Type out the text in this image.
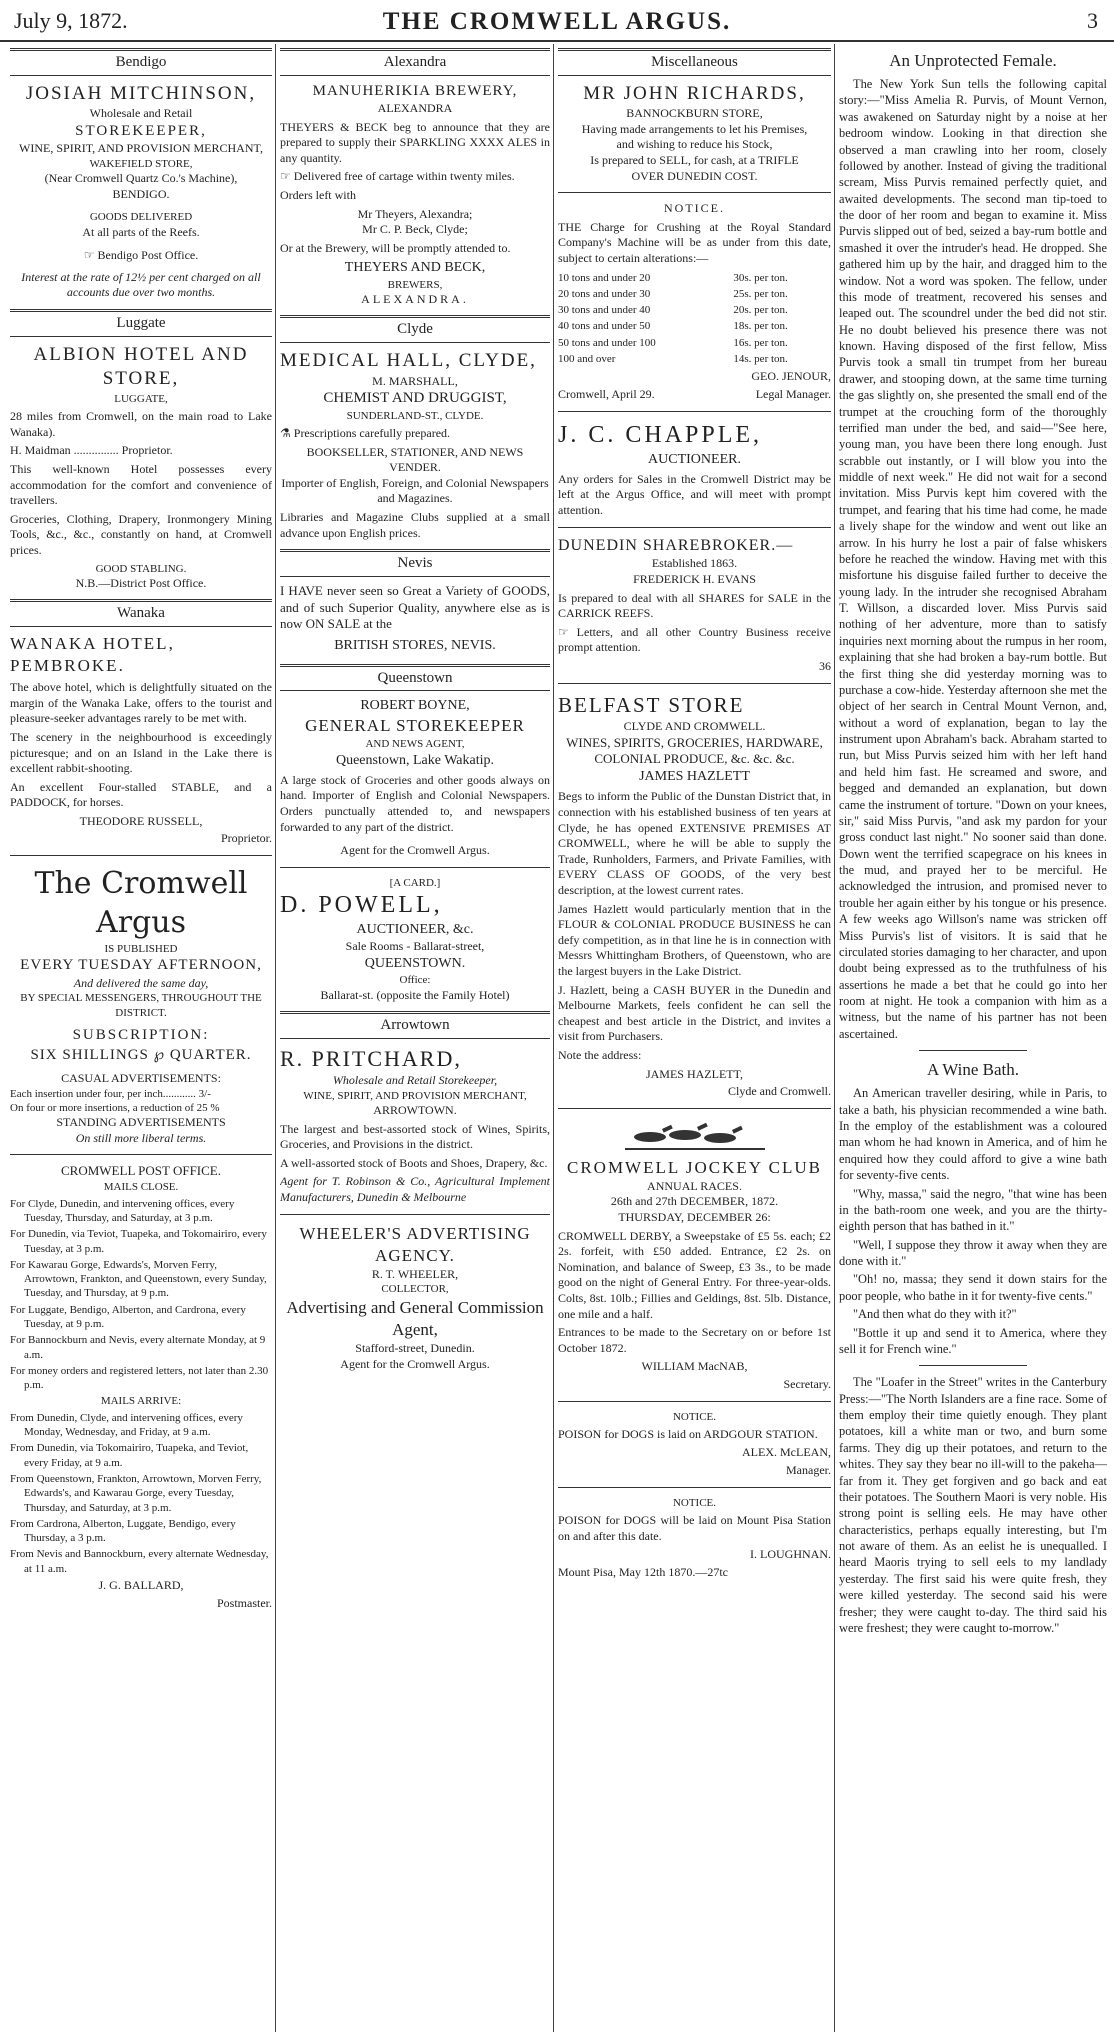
July 9, 1872.	THE CROMWELL ARGUS.	3
Bendigo
JOSIAH MITCHINSON,
Wholesale and Retail
STOREKEEPER,
WINE, SPIRIT, AND PROVISION MERCHANT,
WAKEFIELD STORE,
(Near Cromwell Quartz Co.'s Machine),
BENDIGO.
GOODS DELIVERED
At all parts of the Reefs.
☞ Bendigo Post Office.
Interest at the rate of 12½ per cent charged on all accounts due over two months.
Luggate
ALBION HOTEL AND STORE,
LUGGATE,
28 miles from Cromwell, on the main road to Lake Wanaka).
H. Maidman ............... Proprietor.
This well-known Hotel possesses every accommodation for the comfort and convenience of travellers.
Groceries, Clothing, Drapery, Ironmongery Mining Tools, &c., &c., constantly on hand, at Cromwell prices.
GOOD STABLING.
N.B.—District Post Office.
Wanaka
WANAKA HOTEL, PEMBROKE.
The above hotel, which is delightfully situated on the margin of the Wanaka Lake, offers to the tourist and pleasure-seeker advantages rarely to be met with.
The scenery in the neighbourhood is exceedingly picturesque; and on an Island in the Lake there is excellent rabbit-shooting.
An excellent Four-stalled STABLE, and a PADDOCK, for horses.
THEODORE RUSSELL,
Proprietor.
The Cromwell Argus
IS PUBLISHED
EVERY TUESDAY AFTERNOON,
And delivered the same day,
BY SPECIAL MESSENGERS, THROUGHOUT THE DISTRICT.
SUBSCRIPTION:
SIX SHILLINGS ℘ QUARTER.
CASUAL ADVERTISEMENTS:
Each insertion under four, per inch............ 3/-
On four or more insertions, a reduction of 25 %
STANDING ADVERTISEMENTS
On still more liberal terms.
CROMWELL POST OFFICE.
MAILS CLOSE.
For Clyde, Dunedin, and intervening offices, every Tuesday, Thursday, and Saturday, at 3 p.m.
For Dunedin, via Teviot, Tuapeka, and Tokomairiro, every Tuesday, at 3 p.m.
For Kawarau Gorge, Edwards's, Morven Ferry, Arrowtown, Frankton, and Queenstown, every Sunday, Tuesday, and Thursday, at 9 p.m.
For Luggate, Bendigo, Alberton, and Cardrona, every Tuesday, at 9 p.m.
For Bannockburn and Nevis, every alternate Monday, at 9 a.m.
For money orders and registered letters, not later than 2.30 p.m.
MAILS ARRIVE:
From Dunedin, Clyde, and intervening offices, every Monday, Wednesday, and Friday, at 9 a.m.
From Dunedin, via Tokomairiro, Tuapeka, and Teviot, every Friday, at 9 a.m.
From Queenstown, Frankton, Arrowtown, Morven Ferry, Edwards's, and Kawarau Gorge, every Tuesday, Thursday, and Saturday, at 3 p.m.
From Cardrona, Alberton, Luggate, Bendigo, every Thursday, a 3 p.m.
From Nevis and Bannockburn, every alternate Wednesday, at 11 a.m.
J. G. BALLARD,
Postmaster.
Alexandra
MANUHERIKIA BREWERY,
ALEXANDRA
THEYERS & BECK beg to announce that they are prepared to supply their SPARKLING XXXX ALES in any quantity.
☞ Delivered free of cartage within twenty miles.
Orders left with
Mr Theyers, Alexandra;
Mr C. P. Beck, Clyde;
Or at the Brewery, will be promptly attended to.
THEYERS AND BECK,
BREWERS,
ALEXANDRA.
Clyde
MEDICAL HALL, CLYDE,
M. MARSHALL,
CHEMIST AND DRUGGIST,
SUNDERLAND-ST., CLYDE.
⚗ Prescriptions carefully prepared.
BOOKSELLER, STATIONER, AND NEWS VENDER.
Importer of English, Foreign, and Colonial Newspapers and Magazines.
Libraries and Magazine Clubs supplied at a small advance upon English prices.
Nevis
I HAVE never seen so Great a Variety of GOODS, and of such Superior Quality, anywhere else as is now ON SALE at the
BRITISH STORES, NEVIS.
Queenstown
ROBERT BOYNE,
GENERAL STOREKEEPER
AND NEWS AGENT,
Queenstown, Lake Wakatip.
A large stock of Groceries and other goods always on hand. Importer of English and Colonial Newspapers. Orders punctually attended to, and newspapers forwarded to any part of the district.
Agent for the Cromwell Argus.
[A CARD.]
D. POWELL,
AUCTIONEER, &c.
Sale Rooms - Ballarat-street,
QUEENSTOWN.
Office:
Ballarat-st. (opposite the Family Hotel)
Arrowtown
R. PRITCHARD,
Wholesale and Retail Storekeeper,
WINE, SPIRIT, AND PROVISION MERCHANT,
ARROWTOWN.
The largest and best-assorted stock of Wines, Spirits, Groceries, and Provisions in the district.
A well-assorted stock of Boots and Shoes, Drapery, &c.
Agent for T. Robinson & Co., Agricultural Implement Manufacturers, Dunedin & Melbourne
WHEELER'S ADVERTISING AGENCY.
R. T. WHEELER,
COLLECTOR,
Advertising and General Commission Agent,
Stafford-street, Dunedin.
Agent for the Cromwell Argus.
Miscellaneous
MR JOHN RICHARDS,
BANNOCKBURN STORE,
Having made arrangements to let his Premises,
and wishing to reduce his Stock,
Is prepared to SELL, for cash, at a TRIFLE
OVER DUNEDIN COST.
NOTICE.
THE Charge for Crushing at the Royal Standard Company's Machine will be as under from this date, subject to certain alterations:—
10 tons and under 20	30s. per ton.
20 tons and under 30	25s. per ton.
30 tons and under 40	20s. per ton.
40 tons and under 50	18s. per ton.
50 tons and under 100	16s. per ton.
100 and over	14s. per ton.
GEO. JENOUR,
Cromwell, April 29.	Legal Manager.
J. C. CHAPPLE,
AUCTIONEER.
Any orders for Sales in the Cromwell District may be left at the Argus Office, and will meet with prompt attention.
DUNEDIN SHAREBROKER.—
Established 1863.
FREDERICK H. EVANS
Is prepared to deal with all SHARES for SALE in the CARRICK REEFS.
☞ Letters, and all other Country Business receive prompt attention.
36
BELFAST STORE
CLYDE AND CROMWELL.
WINES, SPIRITS, GROCERIES, HARDWARE, COLONIAL PRODUCE, &c. &c. &c.
JAMES HAZLETT
Begs to inform the Public of the Dunstan District that, in connection with his established business of ten years at Clyde, he has opened EXTENSIVE PREMISES AT CROMWELL, where he will be able to supply the Trade, Runholders, Farmers, and Private Families, with EVERY CLASS OF GOODS, of the very best description, at the lowest current rates.
James Hazlett would particularly mention that in the FLOUR & COLONIAL PRODUCE BUSINESS he can defy competition, as in that line he is in connection with Messrs Whittingham Brothers, of Queenstown, who are the largest buyers in the Lake District.
J. Hazlett, being a CASH BUYER in the Dunedin and Melbourne Markets, feels confident he can sell the cheapest and best article in the District, and invites a visit from Purchasers.
Note the address:
JAMES HAZLETT,
Clyde and Cromwell.
CROMWELL JOCKEY CLUB
ANNUAL RACES.
26th and 27th DECEMBER, 1872.
THURSDAY, DECEMBER 26:
CROMWELL DERBY, a Sweepstake of £5 5s. each; £2 2s. forfeit, with £50 added. Entrance, £2 2s. on Nomination, and balance of Sweep, £3 3s., to be made good on the night of General Entry. For three-year-olds. Colts, 8st. 10lb.; Fillies and Geldings, 8st. 5lb. Distance, one mile and a half.
Entrances to be made to the Secretary on or before 1st October 1872.
WILLIAM MacNAB,
Secretary.
NOTICE.
POISON for DOGS is laid on ARDGOUR STATION.
ALEX. McLEAN,
Manager.
NOTICE.
POISON for DOGS will be laid on Mount Pisa Station on and after this date.
I. LOUGHNAN.
Mount Pisa, May 12th 1870.—27tc
An Unprotected Female.

The New York Sun tells the following capital story:—"Miss Amelia R. Purvis, of Mount Vernon, was awakened on Saturday night by a noise at her bedroom window. Looking in that direction she observed a man crawling into her room, closely followed by another. Instead of giving the traditional scream, Miss Purvis remained perfectly quiet, and awaited developments. The second man tip-toed to the door of her room and began to examine it. Miss Purvis slipped out of bed, seized a bay-rum bottle and smashed it over the intruder's head. He dropped. She gathered him up by the hair, and dragged him to the window. Not a word was spoken. The fellow, under this mode of treatment, recovered his senses and leaped out. The scoundrel under the bed did not stir. He no doubt believed his presence there was not known. Having disposed of the first fellow, Miss Purvis took a small tin trumpet from her bureau drawer, and stooping down, at the same time turning the gas slightly on, she presented the small end of the trumpet at the crouching form of the thoroughly terrified man under the bed, and said—"See here, young man, you have been there long enough. Just scrabble out instantly, or I will blow you into the middle of next week." He did not wait for a second invitation. Miss Purvis kept him covered with the trumpet, and fearing that his time had come, he made a lively shape for the window and went out like an arrow. In his hurry he lost a pair of false whiskers before he reached the window. Having met with this misfortune his disguise failed further to deceive the young lady. In the intruder she recognised Abraham T. Willson, a discarded lover. Miss Purvis said nothing of her adventure, more than to satisfy inquiries next morning about the rumpus in her room, explaining that she had broken a bay-rum bottle. But the first thing she did yesterday morning was to purchase a cow-hide. Yesterday afternoon she met the object of her search in Central Mount Vernon, and, without a word of explanation, began to lay the instrument upon Abraham's back. Abraham started to run, but Miss Purvis seized him with her left hand and held him fast. He screamed and swore, and begged and demanded an explanation, but down came the instrument of torture. "Down on your knees, sir," said Miss Purvis, "and ask my pardon for your gross conduct last night." No sooner said than done. Down went the terrified scapegrace on his knees in the mud, and prayed her to be merciful. He acknowledged the intrusion, and promised never to trouble her again either by his tongue or his presence. A few weeks ago Willson's name was stricken off Miss Purvis's list of visitors. It is said that he circulated stories damaging to her character, and upon doubt being expressed as to the truthfulness of his assertions he made a bet that he could go into her room at night. He took a companion with him as a witness, but the name of his partner has not been ascertained.

A Wine Bath.

An American traveller desiring, while in Paris, to take a bath, his physician recommended a wine bath. In the employ of the establishment was a coloured man whom he had known in America, and of him he enquired how they could afford to give a wine bath for seventy-five cents.

"Why, massa," said the negro, "that wine has been in the bath-room one week, and you are the thirty-eighth person that has bathed in it."

"Well, I suppose they throw it away when they are done with it."

"Oh! no, massa; they send it down stairs for the poor people, who bathe in it for twenty-five cents."

"And then what do they with it?"

"Bottle it up and send it to America, where they sell it for French wine."

The "Loafer in the Street" writes in the Canterbury Press:—"The North Islanders are a fine race. Some of them employ their time quietly enough. They plant potatoes, kill a white man or two, and burn some farms. They dig up their potatoes, and return to the whites. They say they bear no ill-will to the pakeha—far from it. They get forgiven and go back and eat their potatoes. The Southern Maori is very noble. His strong point is selling eels. He may have other characteristics, perhaps equally interesting, but I'm not aware of them. As an eelist he is unequalled. I heard Maoris trying to sell eels to my landlady yesterday. The first said his were quite fresh, they were killed yesterday. The second said his were fresher; they were caught to-day. The third said his were freshest; they were caught to-morrow."
